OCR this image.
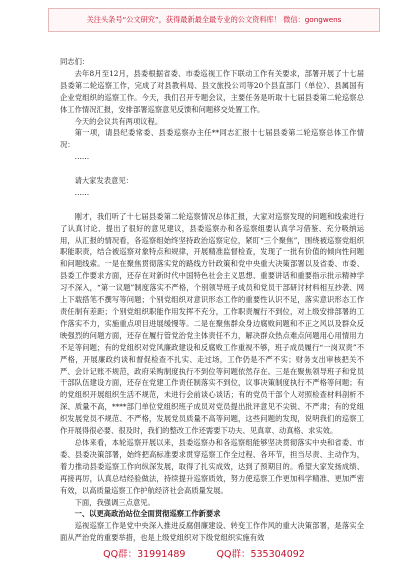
关注头条号“公文研究”，获得最新最全最专业的公文资料库！ 微信：gongwens
同志们：
去年8月至12月，县委根据省委、市委巡视工作下联动工作有关要求，部署开展了十七届县委第二轮巡察工作，完成了对县教科局、县文旅投公司等20个县直部门（单位）、县属国有企业党组织的巡察工作。今天，我们召开专题会议，主要任务是听取十七届县委第二轮巡察总体工作情况汇报，安排部署巡察意见反馈和问题移交处置工作。
今天的会议共有两项议程。
第一项，请县纪委常委、县委巡察办主任**同志汇报十七届县委第二轮巡察总体工作情况：
……
请大家发表意见：
……
刚才，我们听了十七届县委第二轮巡察情况总体汇报，大家对巡察发现的问题和线索进行了认真讨论、提出了很好的意见建议，县委巡察办和各巡察组要认真学习借鉴、充分吸纳运用，从汇报的情况看，各巡察组始终坚持政治巡察定位，紧盯“三个聚焦”，围绕被巡察党组织职能职责，结合被巡察对象特点和规律，开展精准监督检查，发现了一批有价值的倾向性问题和问题线索。一是在聚焦贯彻落实党的路线方针政策和党中央重大决策部署以及省委、市委、县委工作要求方面，还存在对新时代中国特色社会主义思想、重要讲话和重要指示批示精神学习不深入，“第一议题”制度落实不严格，个别领导班子成员和党员干部研讨材料相互抄袭、网上下载搭笔不撰写等问题；个别党组织对意识形态工作的重要性认识不足，落实意识形态工作责任制有差距；个别党组织职能作用发挥不充分，工作职责履行不到位，对上级安排部署的工作落实不力，实施重点项目进展缓慢等。二是在聚焦群众身边腐败问题和不正之风以及群众反映强烈的问题方面，还存在履行管党治党主体责任不力，解决群众热点难点问题用心用情用力不足等问题；有的党组织对党风廉政建设和反腐败工作重视不够，班子成员履行“一岗双责”不严格，开展廉政约谈和督促检查不扎实、走过场，工作仍是不严不实；财务支出审核把关不严、会计记账不规范，政府采购制度执行不到位等问题依然存在。三是在聚焦领导班子和党员干部队伍建设方面，还存在党建工作责任制落实不到位，议事决策制度执行不严格等问题；有的党组织开展组织生活不规范，未进行会前谈心谈话；有的党员干部个人对照检查材料剖析不深、质量不高，****部门单位党组织班子成员对党员提出批评意见不尖锐、不严肃；有的党组织发展党员不规范、不严格，发展党员质量不高等问题，这些问题的发现，说明我们的巡察工作开展得很必要、很及时，我们的整改工作还需要下功夫、见真章、动真格、求实效。
总体来看，本轮巡察开展以来，县委巡察办和各巡察组能够坚决贯彻落实中央和省委、市委、县委决策部署，始终把高标准要求贯穿巡察工作全过程、各环节，担当尽责、主动作为，着力推动县委巡察工作向纵深发展，取得了扎实成效，达到了预期目的。希望大家发扬成绩、再接再厉，认真总结经验做法，持续提升巡察质效，努力使巡察工作更加科学精准、更加严密有效，以高质量巡察工作护航经济社会高质量发展。
下面，我强调三点意见。
一、以更高政治站位全面贯彻巡察工作新要求
巡视巡察工作是党中央深入推进反腐倡廉建设、转变工作作风的重大决策部署，是落实全面从严治党的重要举措，也是上级党组织对下级党组织实施有效
QQ群：31991489	QQ群：535304092
